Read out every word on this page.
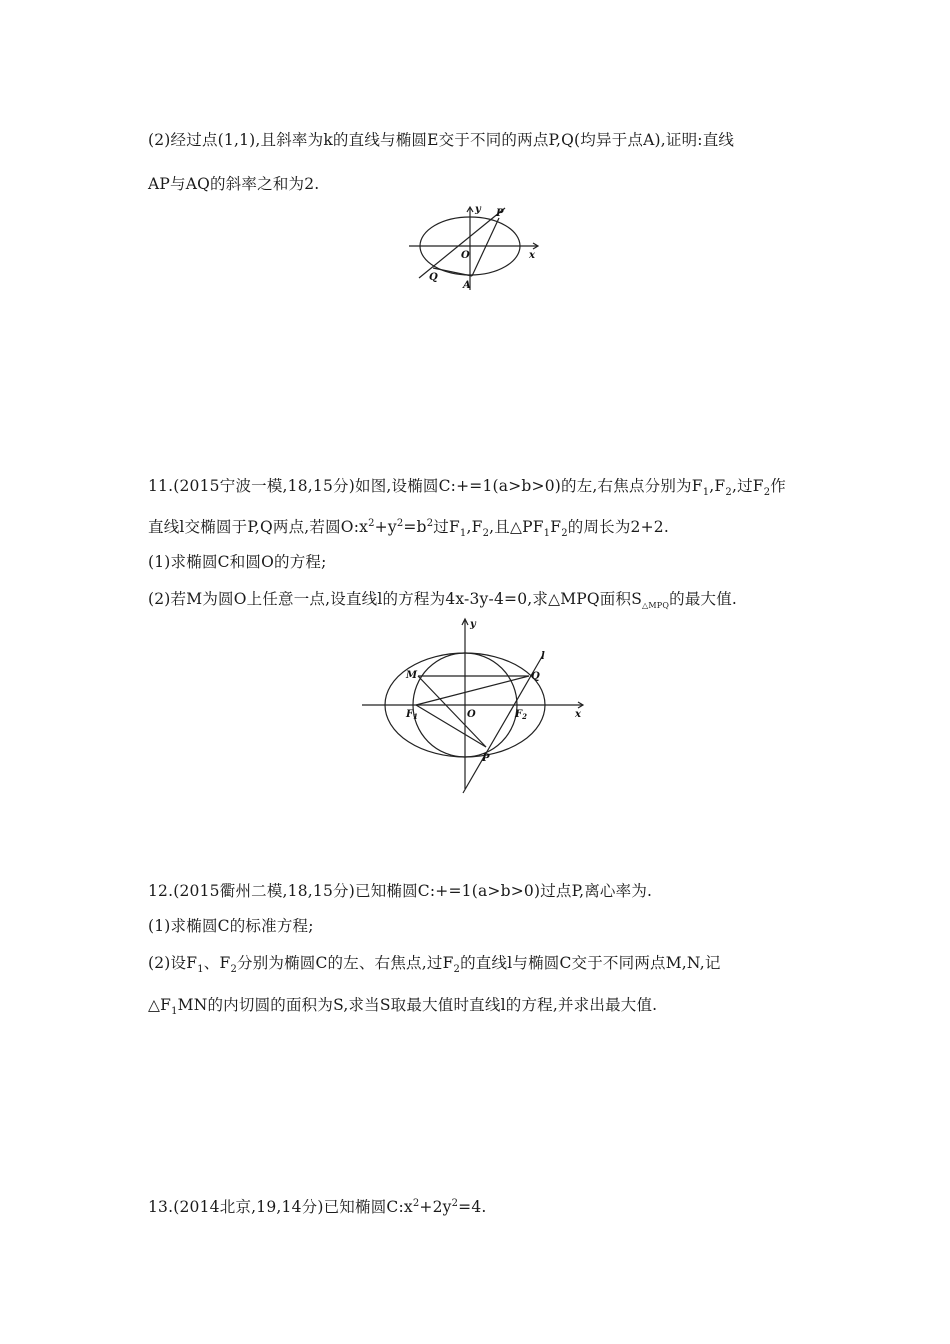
(2)经过点(1,1),且斜率为k的直线与椭圆E交于不同的两点P,Q(均异于点A),证明:直线
AP与AQ的斜率之和为2.
y
x
O
P
Q
A
11.(2015宁波一模,18,15分)如图,设椭圆C:+=1(a>b>0)的左,右焦点分别为$F_1,F_2$,过$F_2$作
直线l交椭圆于P,Q两点,若圆$O:x^2+y^2=b^2$过$F_1,F_2$,且$\triangle PF_1F_2$的周长为2+2.
(1)求椭圆C和圆O的方程;
(2)若M为圆O上任意一点,设直线l的方程为4x-3y-4=0,求△MPQ面积$S_{\triangle MPQ}$的最大值.
y
x
O
M	Q
P
l
$F_1$	$F_2$
12.(2015衢州二模,18,15分)已知椭圆C:+=1(a>b>0)过点P,离心率为.
(1)求椭圆C的标准方程;
(2)设$F_1$、$F_2$分别为椭圆C的左、右焦点,过$F_2$的直线l与椭圆C交于不同两点M,N,记
$\triangle F_1MN$的内切圆的面积为S,求当S取最大值时直线l的方程,并求出最大值.
13.(2014北京,19,14分)已知椭圆$C:x^2+2y^2=4$.
